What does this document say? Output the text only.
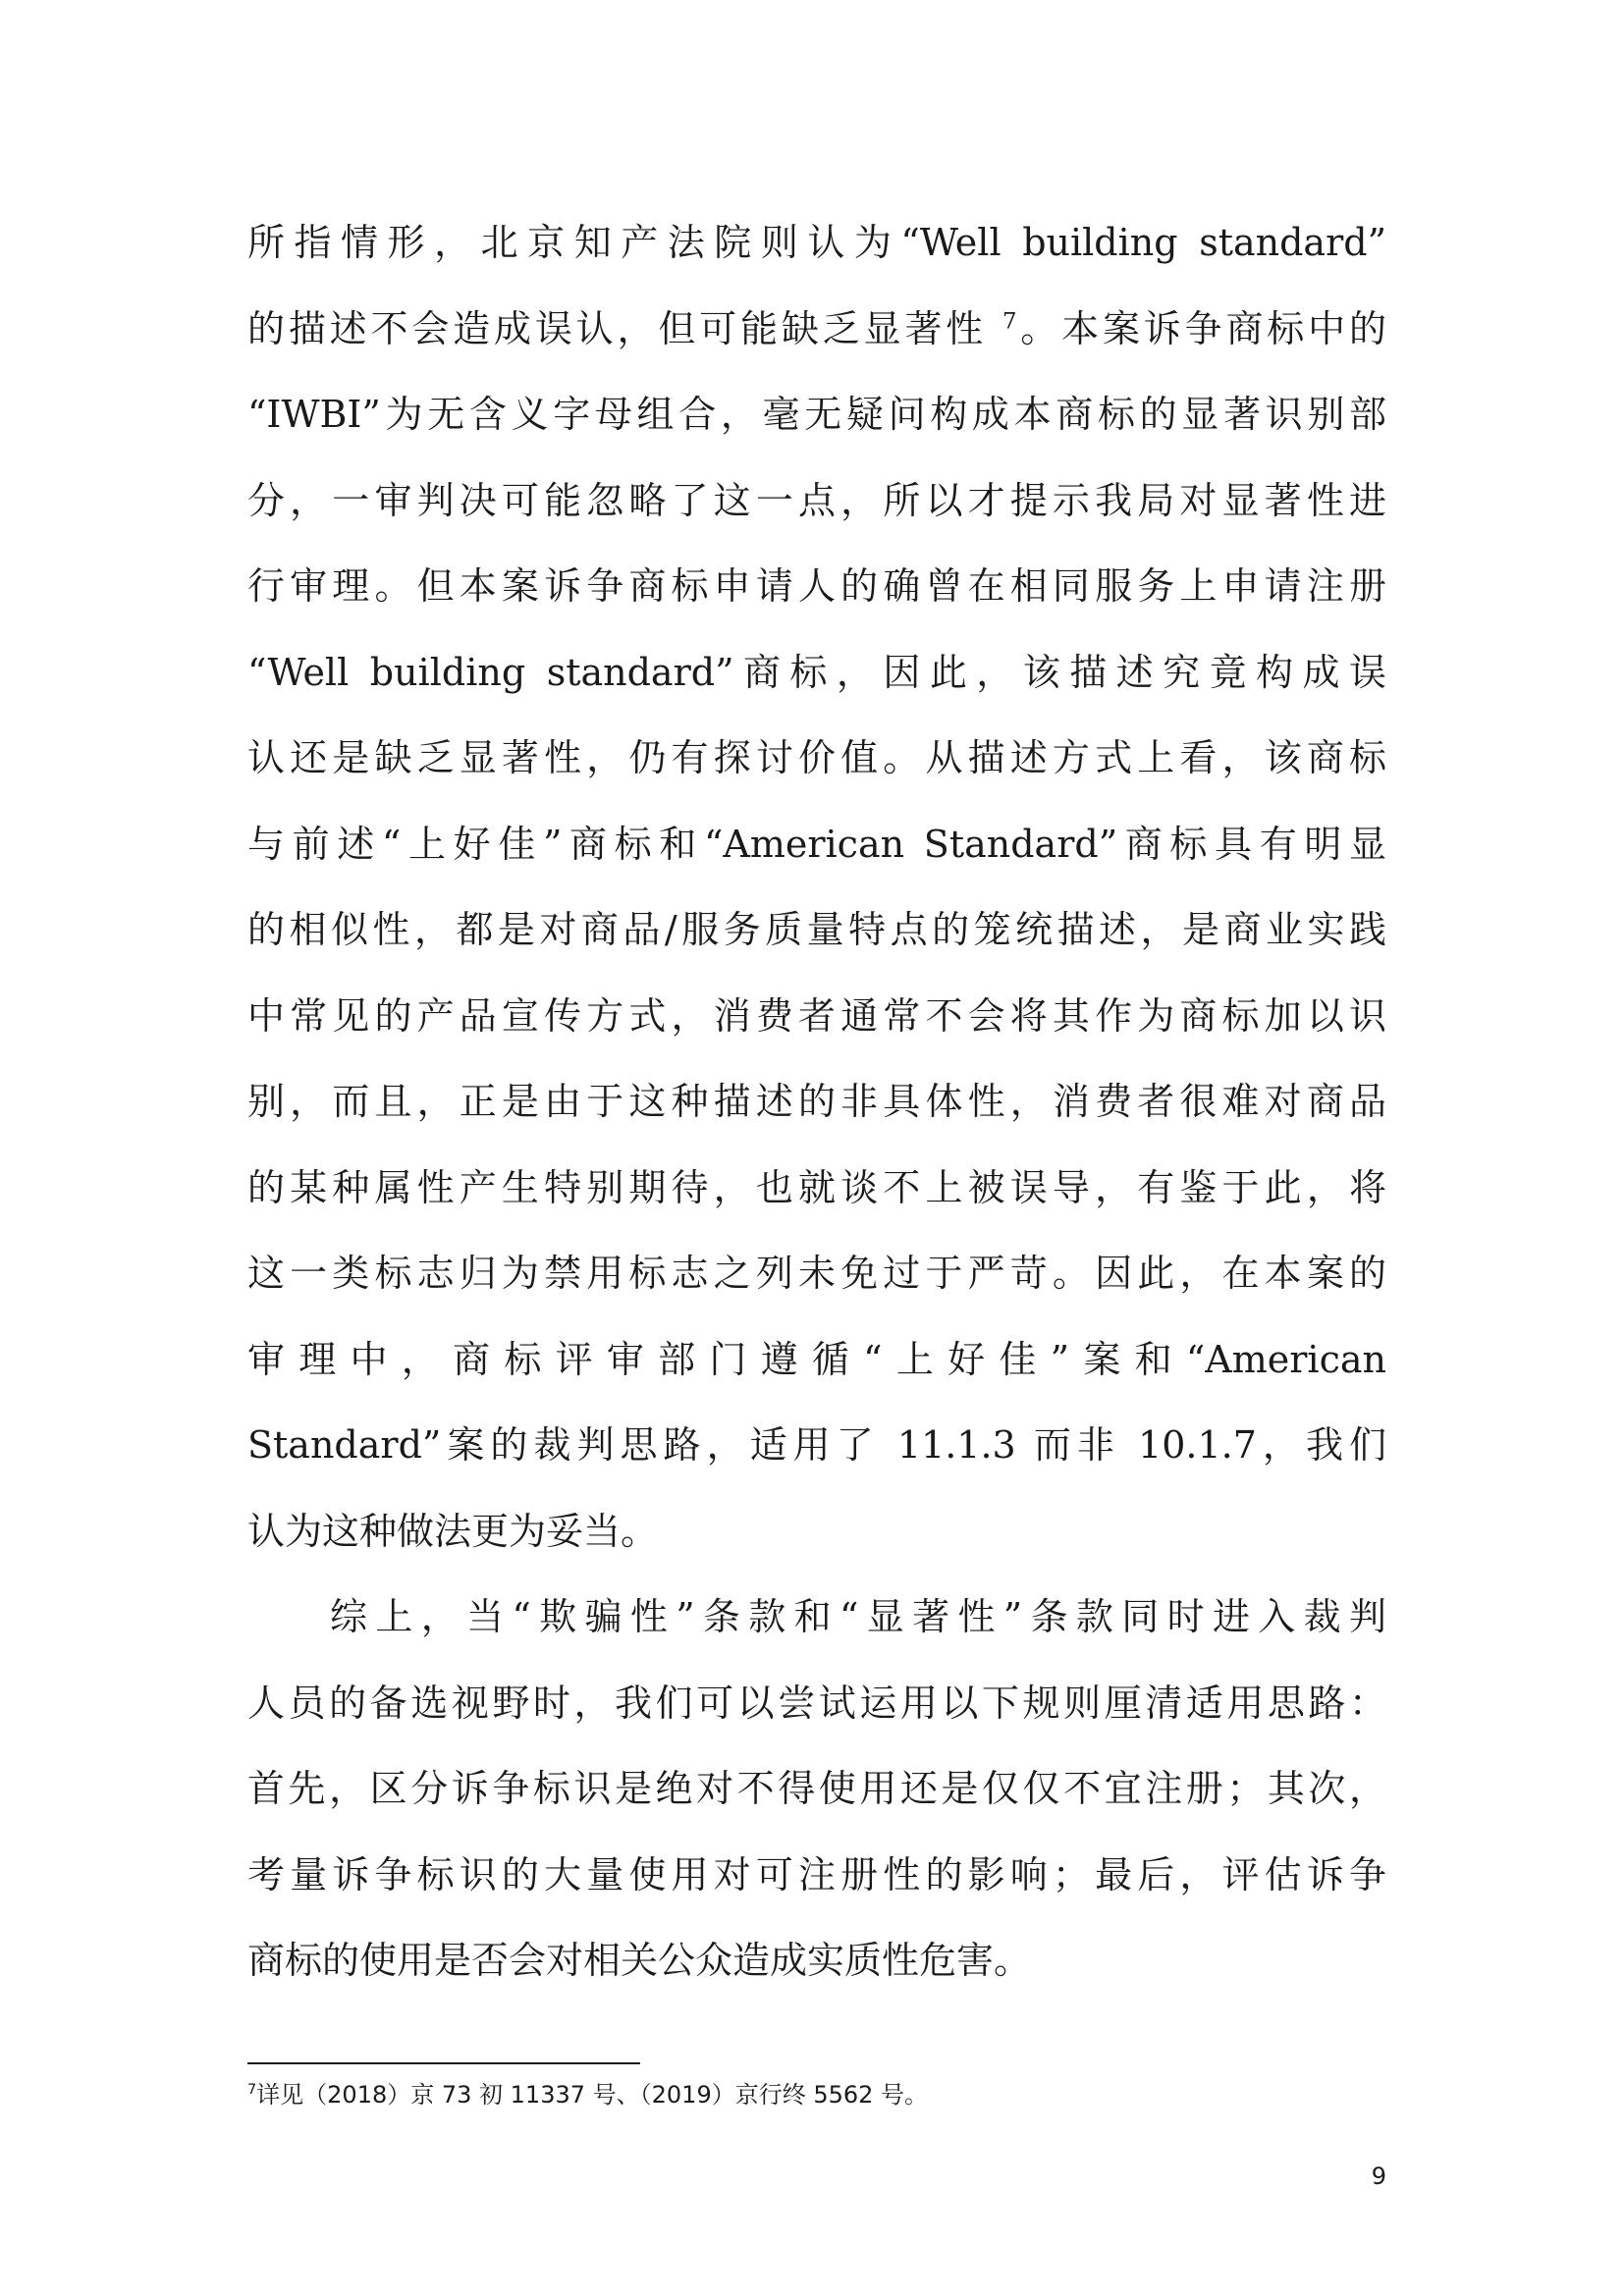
所指情形，北京知产法院则认为“Well building standard”
的描述不会造成误认，但可能缺乏显著性 $^7$。本案诉争商标中的
“IWBI”为无含义字母组合，毫无疑问构成本商标的显著识别部
分，一审判决可能忽略了这一点，所以才提示我局对显著性进
行审理。但本案诉争商标申请人的确曾在相同服务上申请注册
“Well building standard”商标，因此，该描述究竟构成误
认还是缺乏显著性，仍有探讨价值。从描述方式上看，该商标
与前述“上好佳”商标和“American Standard”商标具有明显
的相似性，都是对商品/服务质量特点的笼统描述，是商业实践
中常见的产品宣传方式，消费者通常不会将其作为商标加以识
别，而且，正是由于这种描述的非具体性，消费者很难对商品
的某种属性产生特别期待，也就谈不上被误导，有鉴于此，将
这一类标志归为禁用标志之列未免过于严苛。因此，在本案的
审理中，商标评审部门遵循“上好佳”案和“American
Standard”案的裁判思路，适用了 11.1.3 而非 10.1.7，我们
认为这种做法更为妥当。
综上，当“欺骗性”条款和“显著性”条款同时进入裁判
人员的备选视野时，我们可以尝试运用以下规则厘清适用思路：
首先，区分诉争标识是绝对不得使用还是仅仅不宜注册；其次，
考量诉争标识的大量使用对可注册性的影响；最后，评估诉争
商标的使用是否会对相关公众造成实质性危害。
$^7$详见（2018）京 73 初 11337 号、（2019）京行终 5562 号。
9
